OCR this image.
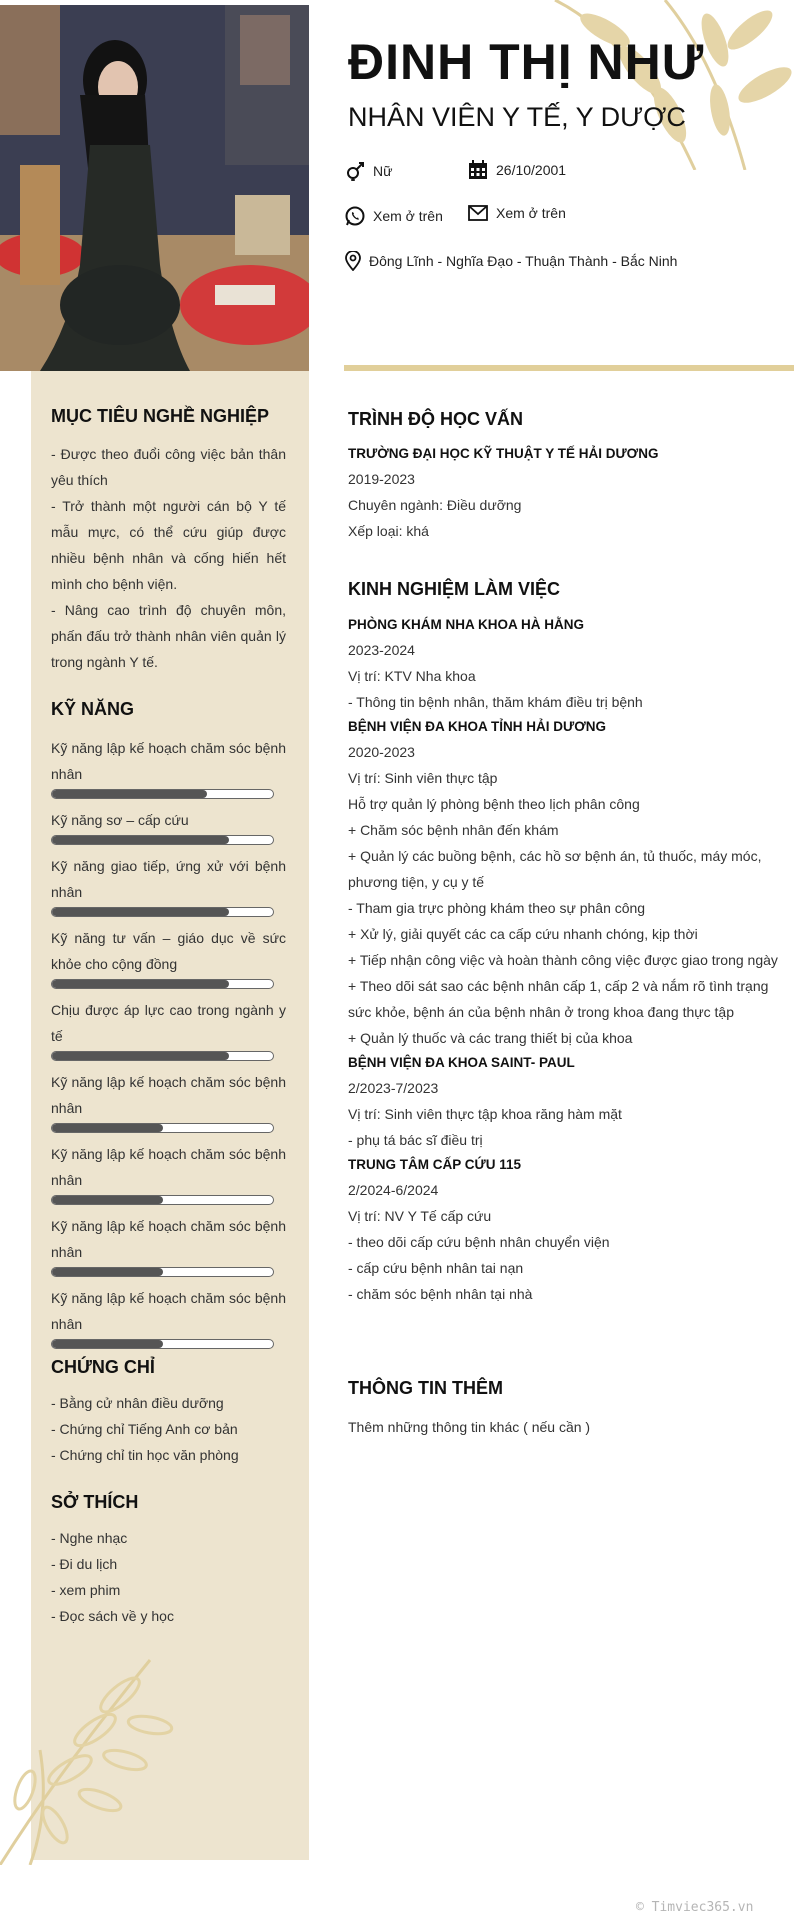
ĐINH THỊ NHƯ
NHÂN VIÊN Y TẾ, Y DƯỢC
Nữ	26/10/2001
Xem ở trên	Xem ở trên
Đông Lĩnh - Nghĩa Đạo - Thuận Thành - Bắc Ninh
MỤC TIÊU NGHỀ NGHIỆP
- Được theo đuổi công việc bản thân yêu thích
- Trở thành một người cán bộ Y tế mẫu mực, có thể cứu giúp được nhiều bệnh nhân và cống hiến hết mình cho bệnh viện.
- Nâng cao trình độ chuyên môn, phấn đấu trở thành nhân viên quản lý trong ngành Y tế.
KỸ NĂNG
Kỹ năng lập kế hoạch chăm sóc bệnh nhân
Kỹ năng sơ – cấp cứu
Kỹ năng giao tiếp, ứng xử với bệnh nhân
Kỹ năng tư vấn – giáo dục về sức khỏe cho cộng đồng
Chịu được áp lực cao trong ngành y tế
Kỹ năng lập kế hoạch chăm sóc bệnh nhân
Kỹ năng lập kế hoạch chăm sóc bệnh nhân
Kỹ năng lập kế hoạch chăm sóc bệnh nhân
Kỹ năng lập kế hoạch chăm sóc bệnh nhân
CHỨNG CHỈ
- Bằng cử nhân điều dưỡng
- Chứng chỉ Tiếng Anh cơ bản
- Chứng chỉ tin học văn phòng
SỞ THÍCH
- Nghe nhạc
- Đi du lịch
- xem phim
- Đọc sách về y học
TRÌNH ĐỘ HỌC VẤN
TRƯỜNG ĐẠI HỌC KỸ THUẬT Y TẾ HẢI DƯƠNG
2019-2023
Chuyên ngành: Điều dưỡng
Xếp loại: khá
KINH NGHIỆM LÀM VIỆC
PHÒNG KHÁM NHA KHOA HÀ HẰNG
2023-2024
Vị trí: KTV Nha khoa
- Thông tin bệnh nhân, thăm khám điều trị bệnh
BỆNH VIỆN ĐA KHOA TỈNH HẢI DƯƠNG
2020-2023
Vị trí: Sinh viên thực tập
Hỗ trợ quản lý phòng bệnh theo lịch phân công
+ Chăm sóc bệnh nhân đến khám
+ Quản lý các buồng bệnh, các hồ sơ bệnh án, tủ thuốc, máy móc, phương tiện, y cụ y tế
- Tham gia trực phòng khám theo sự phân công
+ Xử lý, giải quyết các ca cấp cứu nhanh chóng, kịp thời
+ Tiếp nhận công việc và hoàn thành công việc được giao trong ngày
+ Theo dõi sát sao các bệnh nhân cấp 1, cấp 2 và nắm rõ tình trạng sức khỏe, bệnh án của bệnh nhân ở trong khoa đang thực tập
+ Quản lý thuốc và các trang thiết bị của khoa
BỆNH VIỆN ĐA KHOA SAINT- PAUL
2/2023-7/2023
Vị trí: Sinh viên thực tập khoa răng hàm mặt
- phụ tá bác sĩ điều trị
TRUNG TÂM CẤP CỨU 115
2/2024-6/2024
Vị trí: NV Y Tế cấp cứu
- theo dõi cấp cứu bệnh nhân chuyển viện
- cấp cứu bệnh nhân tai nạn
- chăm sóc bệnh nhân tại nhà
THÔNG TIN THÊM
Thêm những thông tin khác ( nếu cần )
© Timviec365.vn
